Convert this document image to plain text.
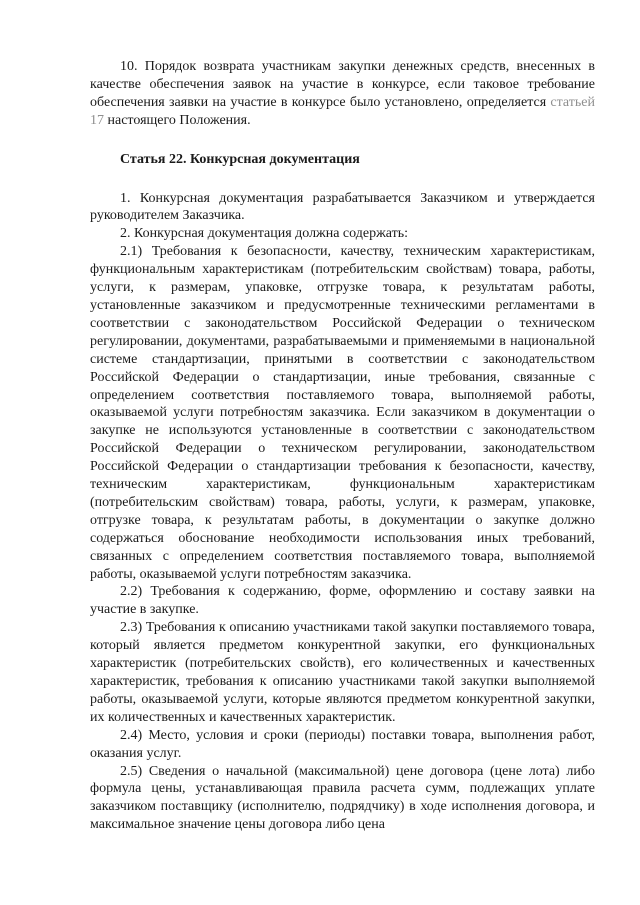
10. Порядок возврата участникам закупки денежных средств, внесенных в качестве обеспечения заявок на участие в конкурсе, если таковое требование обеспечения заявки на участие в конкурсе было установлено, определяется статьей 17 настоящего Положения.

Статья 22. Конкурсная документация

1. Конкурсная документация разрабатывается Заказчиком и утверждается руководителем Заказчика.

2. Конкурсная документация должна содержать:

2.1) Требования к безопасности, качеству, техническим характеристикам, функциональным характеристикам (потребительским свойствам) товара, работы, услуги, к размерам, упаковке, отгрузке товара, к результатам работы, установленные заказчиком и предусмотренные техническими регламентами в соответствии с законодательством Российской Федерации о техническом регулировании, документами, разрабатываемыми и применяемыми в национальной системе стандартизации, принятыми в соответствии с законодательством Российской Федерации о стандартизации, иные требования, связанные с определением соответствия поставляемого товара, выполняемой работы, оказываемой услуги потребностям заказчика. Если заказчиком в документации о закупке не используются установленные в соответствии с законодательством Российской Федерации о техническом регулировании, законодательством Российской Федерации о стандартизации требования к безопасности, качеству, техническим характеристикам, функциональным характеристикам (потребительским свойствам) товара, работы, услуги, к размерам, упаковке, отгрузке товара, к результатам работы, в документации о закупке должно содержаться обоснование необходимости использования иных требований, связанных с определением соответствия поставляемого товара, выполняемой работы, оказываемой услуги потребностям заказчика.

2.2) Требования к содержанию, форме, оформлению и составу заявки на участие в закупке.

2.3) Требования к описанию участниками такой закупки поставляемого товара, который является предметом конкурентной закупки, его функциональных характеристик (потребительских свойств), его количественных и качественных характеристик, требования к описанию участниками такой закупки выполняемой работы, оказываемой услуги, которые являются предметом конкурентной закупки, их количественных и качественных характеристик.

2.4) Место, условия и сроки (периоды) поставки товара, выполнения работ, оказания услуг.

2.5) Сведения о начальной (максимальной) цене договора (цене лота) либо формула цены, устанавливающая правила расчета сумм, подлежащих уплате заказчиком поставщику (исполнителю, подрядчику) в ходе исполнения договора, и максимальное значение цены договора либо цена
